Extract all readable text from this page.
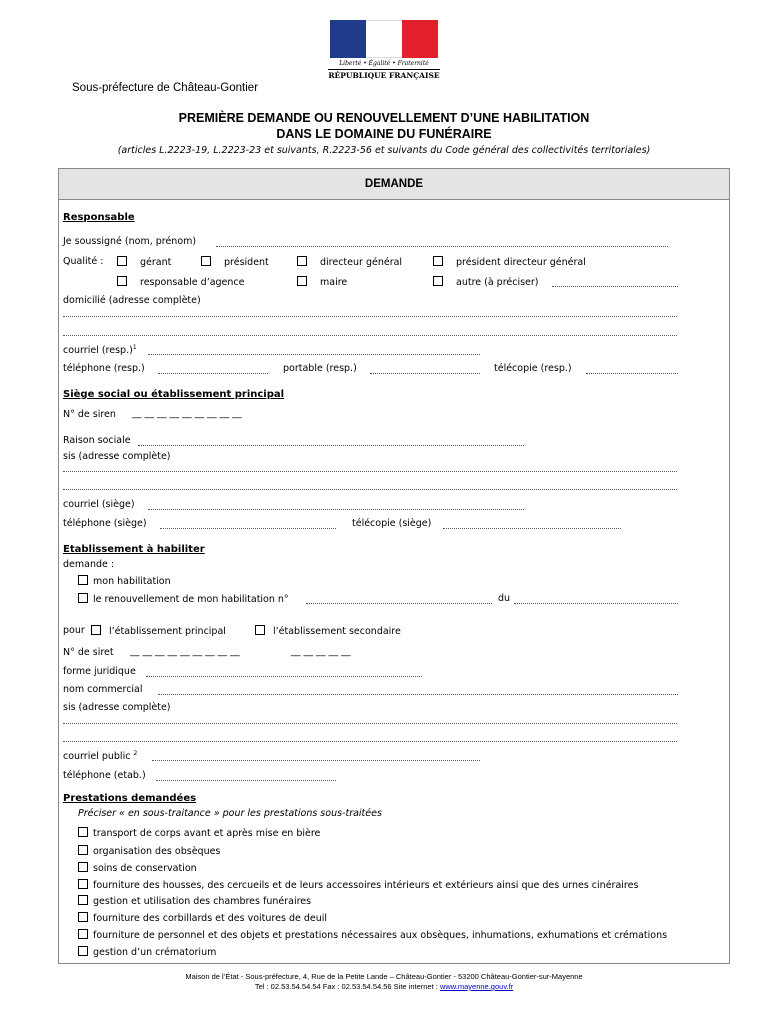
Liberté • Égalité • Fraternité
RÉPUBLIQUE FRANÇAISE
Sous-préfecture de Château-Gontier
PREMIÈRE DEMANDE OU RENOUVELLEMENT D’UNE HABILITATION
DANS LE DOMAINE DU FUNÉRAIRE
(articles L.2223-19, L.2223-23 et suivants, R.2223-56 et suivants du Code général des collectivités territoriales)
DEMANDE
Responsable
Je soussigné (nom, prénom)
Qualité :	gérant	président	directeur général	président directeur général
responsable d’agence	maire	autre (à préciser)
domicilié (adresse complète)
courriel (resp.)$^1$
téléphone (resp.)	portable (resp.)	télécopie (resp.)
Siège social ou établissement principal
N° de siren __ __ __ __ __ __ __ __ __
Raison sociale
sis (adresse complète)
courriel (siège)
téléphone (siège)	télécopie (siège)
Etablissement à habiliter
demande :
mon habilitation
le renouvellement de mon habilitation n°	du
pour	l’établissement principal	l’établissement secondaire
N° de siret __ __ __ __ __ __ __ __ __	__ __ __ __ __
forme juridique
nom commercial
sis (adresse complète)
courriel public $^2$
téléphone (etab.)
Prestations demandées
Préciser « en sous-traitance » pour les prestations sous-traitées
transport de corps avant et après mise en bière
organisation des obsèques
soins de conservation
fourniture des housses, des cercueils et de leurs accessoires intérieurs et extérieurs ainsi que des urnes cinéraires
gestion et utilisation des chambres funéraires
fourniture des corbillards et des voitures de deuil
fourniture de personnel et des objets et prestations nécessaires aux obsèques, inhumations, exhumations et crémations
gestion d’un crématorium
Maison de l’État - Sous-préfecture, 4, Rue de la Petite Lande – Château-Gontier - 53200 Château-Gontier-sur-Mayenne
Tel : 02.53.54.54.54 Fax : 02.53.54.54.56 Site internet : www.mayenne.gouv.fr
